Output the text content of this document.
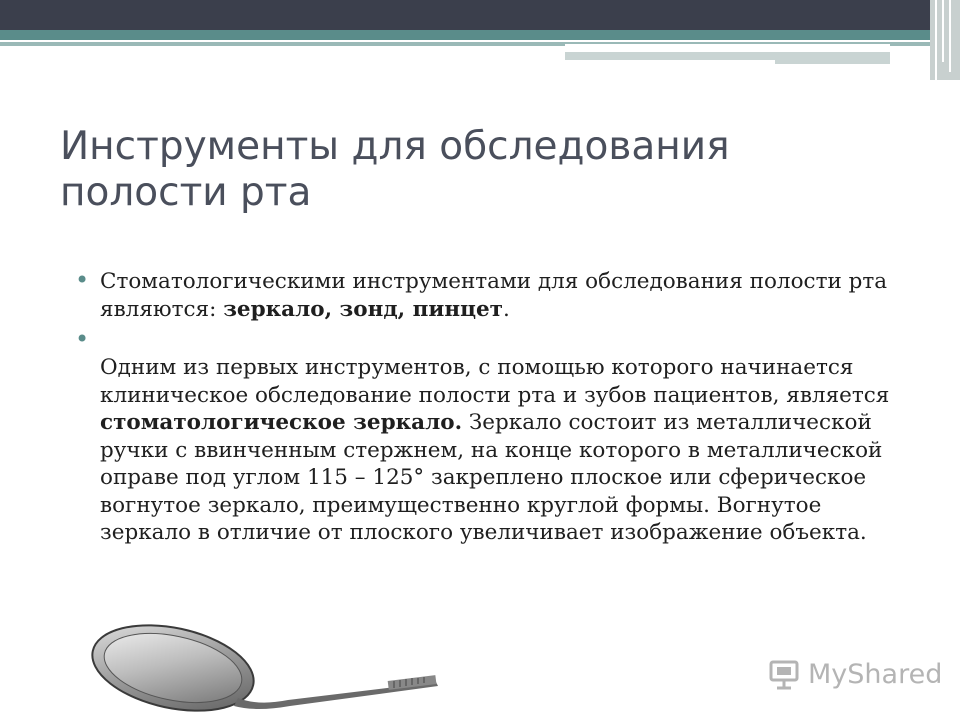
Инструменты для обследования
полости рта

• Стоматологическими инструментами для обследования полости рта являются: зеркало, зонд, пинцет.

•
Одним из первых инструментов, с помощью которого начинается клиническое обследование полости рта и зубов пациентов, является стоматологическое зеркало. Зеркало состоит из металлической ручки с ввинченным стержнем, на конце которого в металлической оправе под углом 115 – 125° закреплено плоское или сферическое вогнутое зеркало, преимущественно круглой формы. Вогнутое зеркало в отличие от плоского увеличивает изображение объекта.

MyShared
